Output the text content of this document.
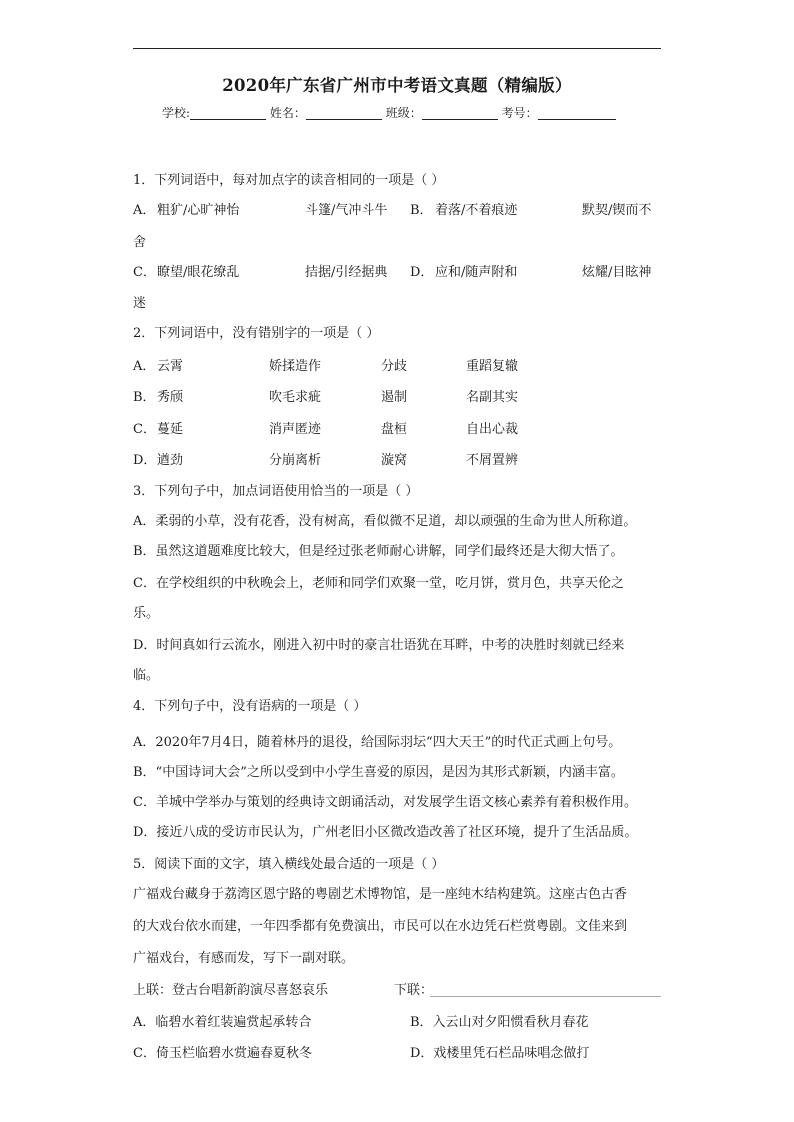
2020年广东省广州市中考语文真题（精编版）
学校:	姓名：	班级：	考号：
1．下列词语中，每对加点字的读音相同的一项是（ ）
A． 粗犷/心旷神怡	斗篷/气冲斗牛 B． 着落/不着痕迹	默契/锲而不
舍
C． 瞭望/眼花缭乱	拮据/引经据典 D． 应和/随声附和	炫耀/目眩神
迷
2．下列词语中，没有错别字的一项是（ ）
A． 云霄	娇揉造作	分歧	重蹈复辙
B． 秀颀	吹毛求疵	遏制	名副其实
C． 蔓延	消声匿迹	盘桓	自出心裁
D． 遒劲	分崩离析	漩窝	不屑置辨
3．下列句子中，加点词语使用恰当的一项是（ ）
A．柔弱的小草，没有花香，没有树高，看似微不足道，却以顽强的生命为世人所称道。
B．虽然这道题难度比较大，但是经过张老师耐心讲解，同学们最终还是大彻大悟了。
C．在学校组织的中秋晚会上，老师和同学们欢聚一堂，吃月饼，赏月色，共享天伦之
乐。
D．时间真如行云流水，刚进入初中时的豪言壮语犹在耳畔，中考的决胜时刻就已经来
临。
4．下列句子中，没有语病的一项是（ ）
A．2020年7月4日，随着林丹的退役，给国际羽坛“四大天王”的时代正式画上句号。
B．“中国诗词大会”之所以受到中小学生喜爱的原因，是因为其形式新颖，内涵丰富。
C．羊城中学举办与策划的经典诗文朗诵活动，对发展学生语文核心素养有着积极作用。
D．接近八成的受访市民认为，广州老旧小区微改造改善了社区环境，提升了生活品质。
5．阅读下面的文字，填入横线处最合适的一项是（ ）
广福戏台藏身于荔湾区恩宁路的粤剧艺术博物馆，是一座纯木结构建筑。这座古色古香
的大戏台依水而建，一年四季都有免费演出，市民可以在水边凭石栏赏粤剧。文佳来到
广福戏台，有感而发，写下一副对联。
上联：登古台唱新韵演尽喜怒哀乐	下联：
A．临碧水着红装遍赏起承转合	B．入云山对夕阳惯看秋月春花
C．倚玉栏临碧水赏遍春夏秋冬	D．戏楼里凭石栏品味唱念做打
